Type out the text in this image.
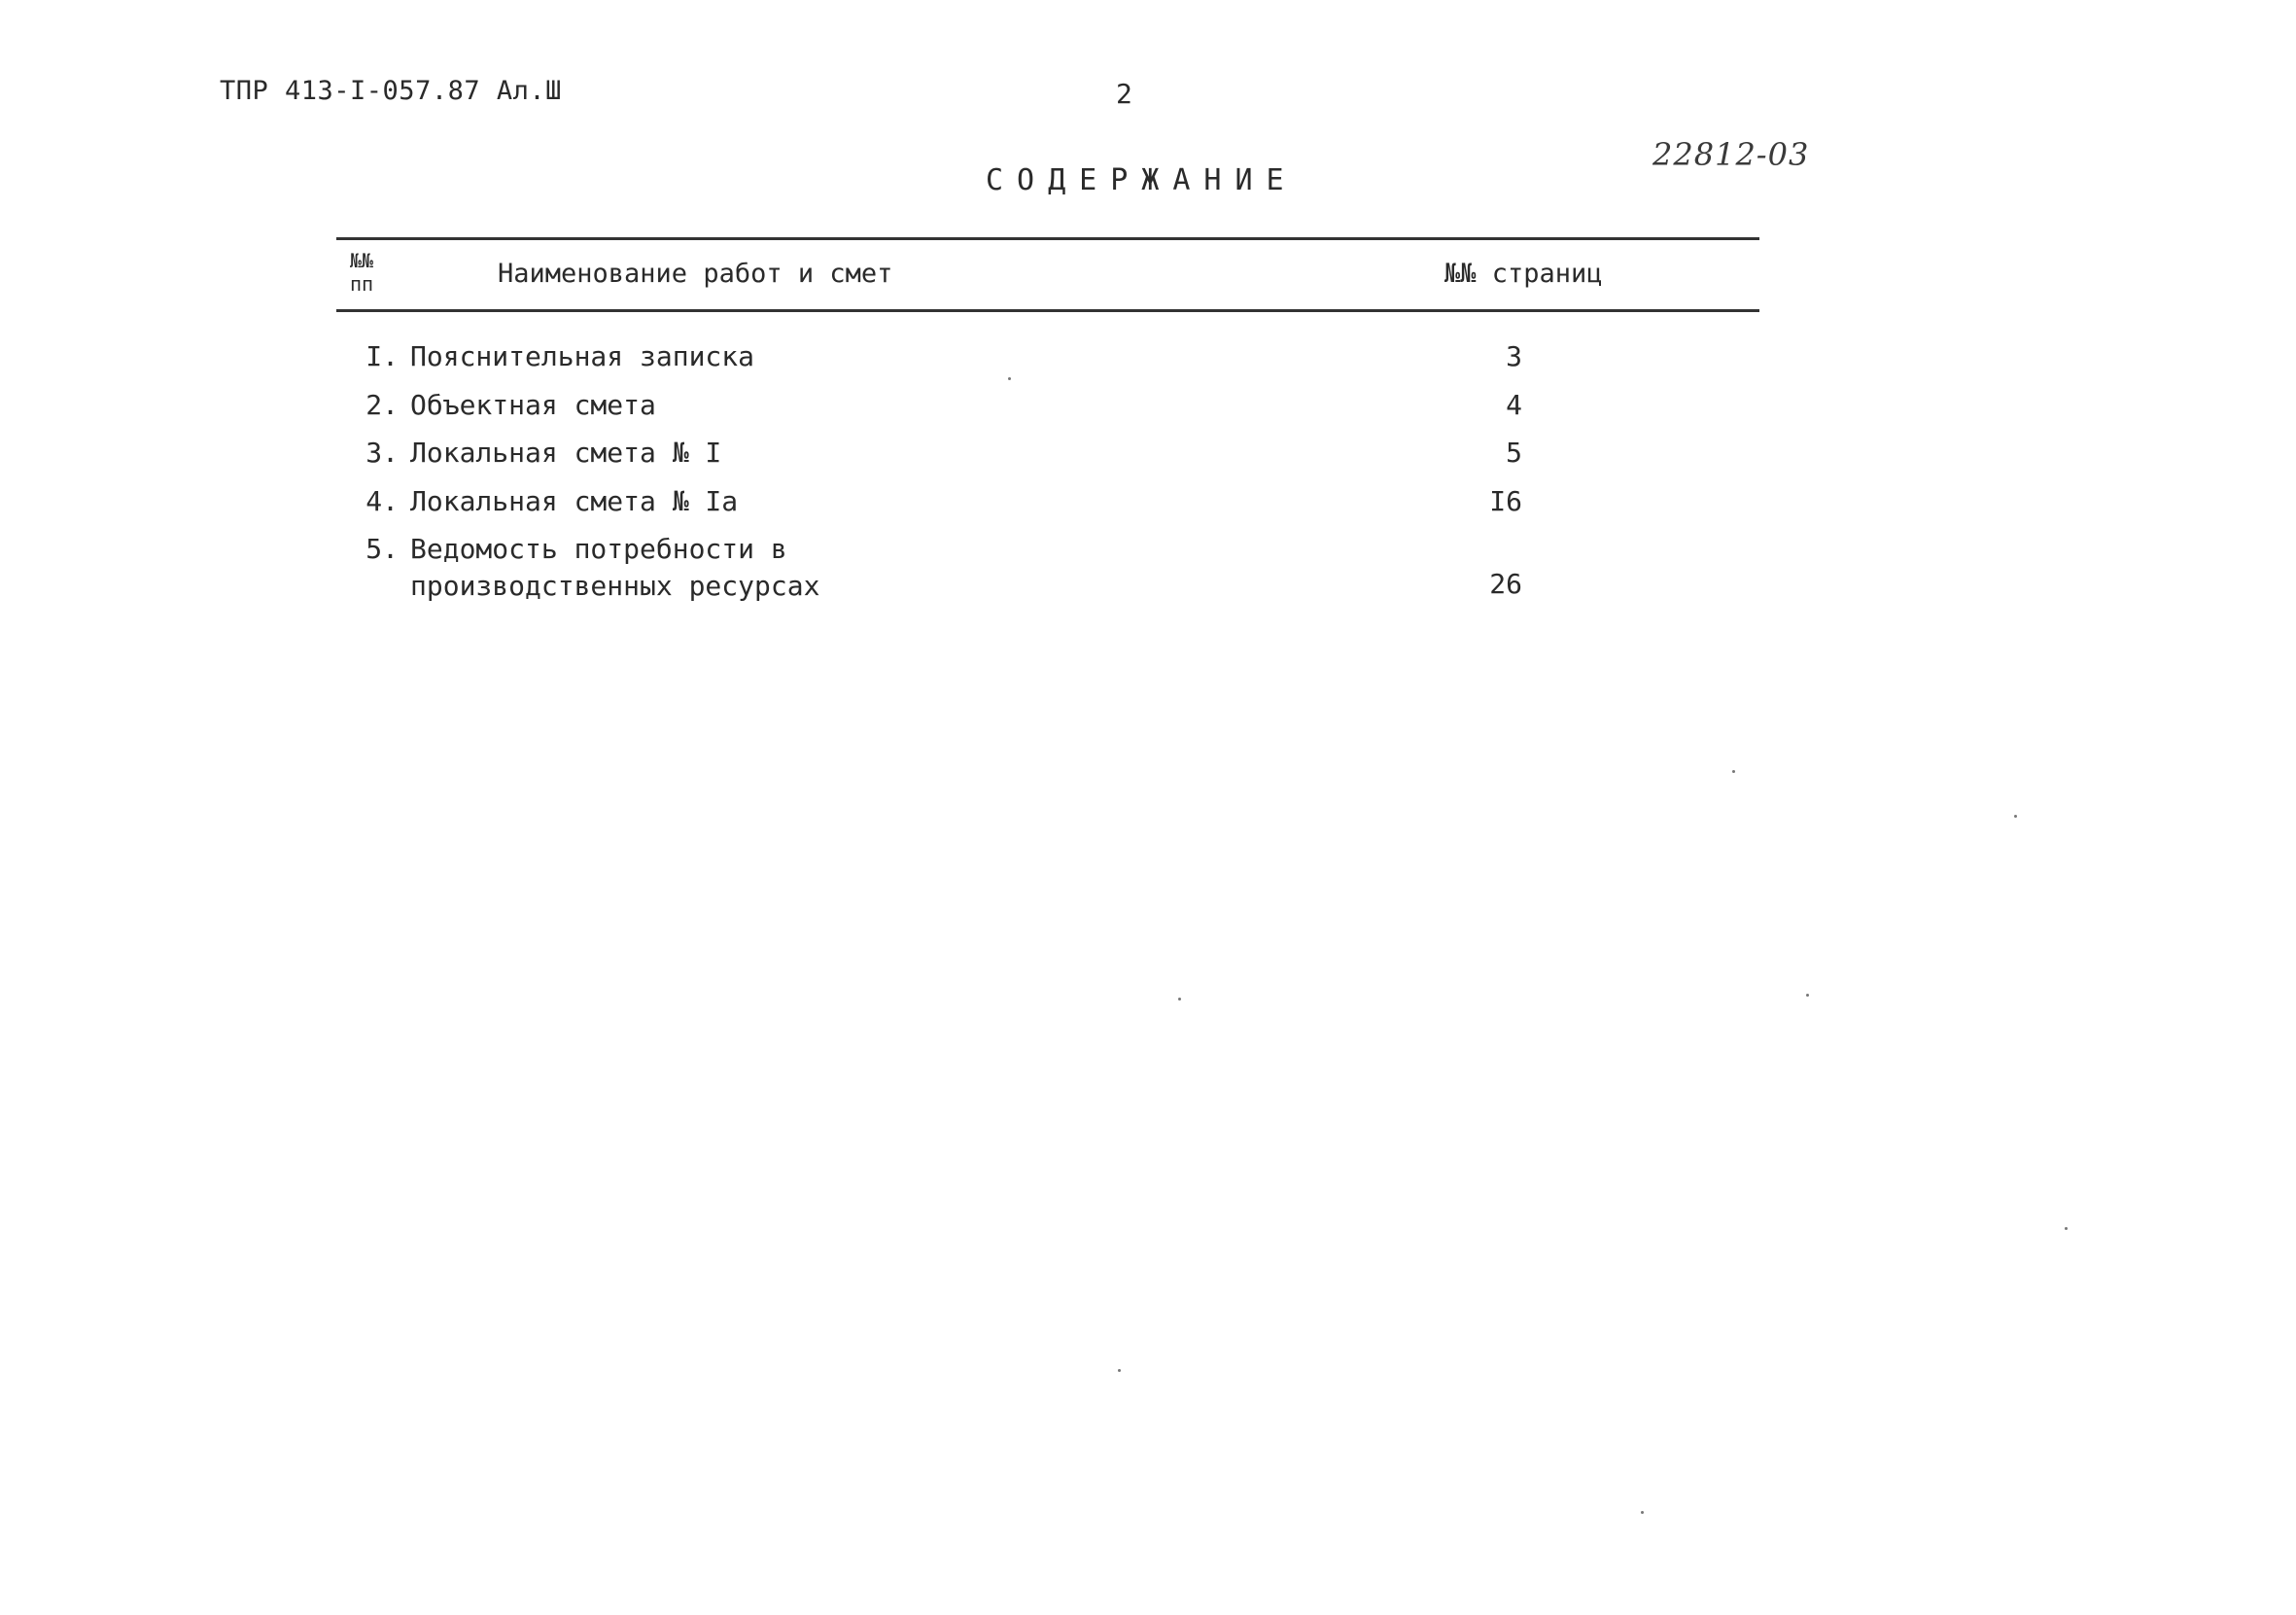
ТПР 413-I-057.87 Ал.Ш	2
22812-03
СОДЕРЖАНИЕ
№№
пп	Наименование работ и смет	№№ страниц
I. Пояснительная записка	3
2. Объектная смета	4
3. Локальная смета № I	5
4. Локальная смета № Iа	I6
5. Ведомость потребности в
производственных ресурсах	26
